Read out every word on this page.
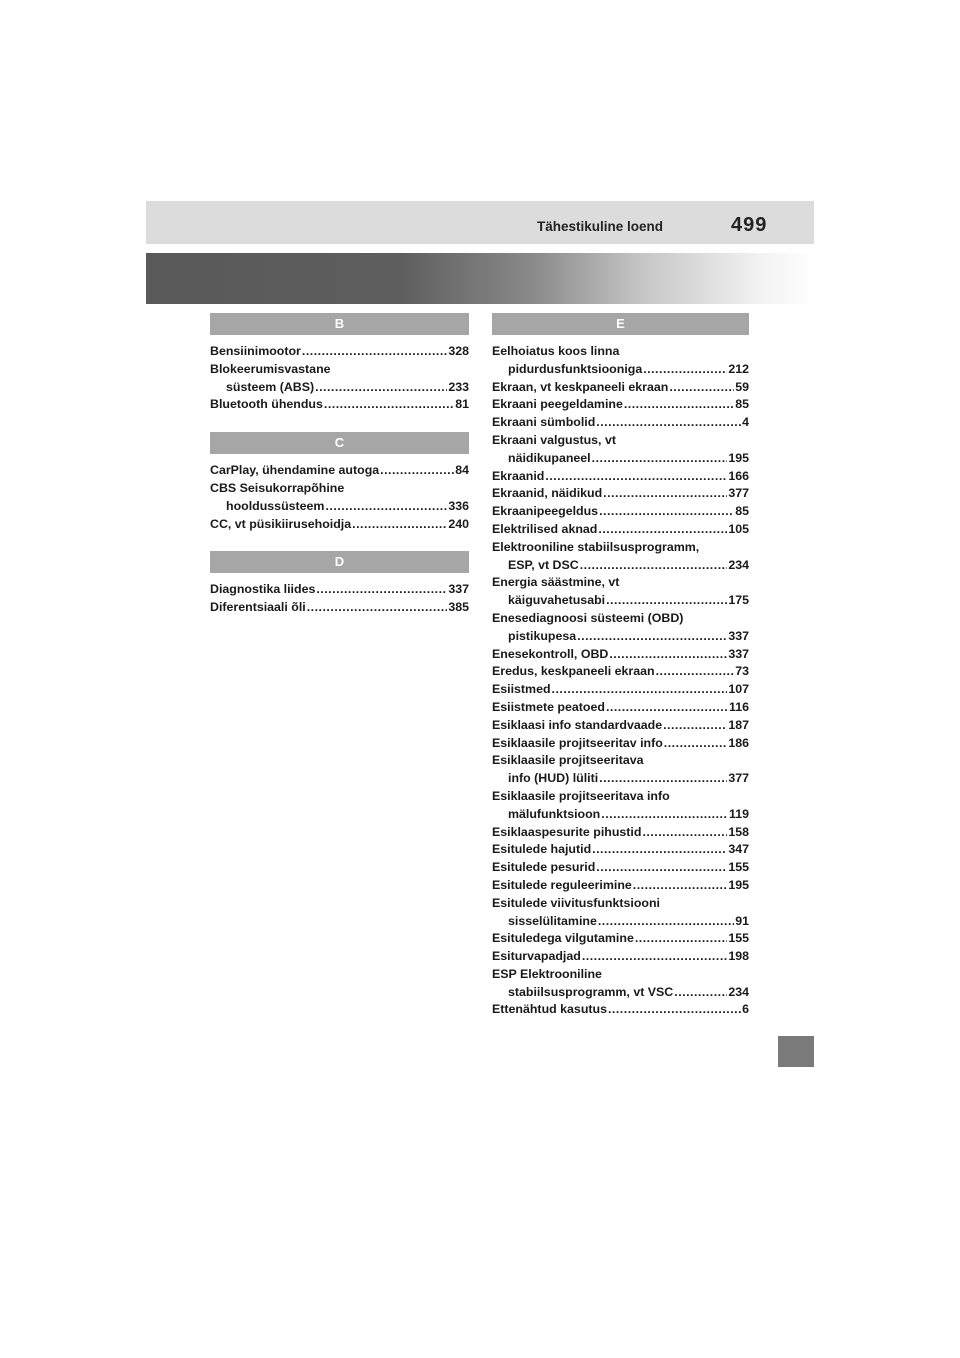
Tähestikuline loend	499
B
Bensiinimootor .....	328
Blokeerumisvastane
süsteem (ABS) .....	233
Bluetooth ühendus .....	81
C
CarPlay, ühendamine autoga .....	84
CBS Seisukorrapõhine
hooldussüsteem .....	336
CC, vt püsikiirusehoidja .....	240
D
Diagnostika liides .....	337
Diferentsiaali õli .....	385
E
Eelhoiatus koos linna
pidurdusfunktsiooniga .....	212
Ekraan, vt keskpaneeli ekraan .....	59
Ekraani peegeldamine .....	85
Ekraani sümbolid .....	4
Ekraani valgustus, vt
näidikupaneel .....	195
Ekraanid .....	166
Ekraanid, näidikud .....	377
Ekraanipeegeldus .....	85
Elektrilised aknad .....	105
Elektrooniline stabiilsusprogramm,
ESP, vt DSC .....	234
Energia säästmine, vt
käiguvahetusabi .....	175
Enesediagnoosi süsteemi (OBD)
pistikupesa .....	337
Enesekontroll, OBD .....	337
Eredus, keskpaneeli ekraan .....	73
Esiistmed .....	107
Esiistmete peatoed .....	116
Esiklaasi info standardvaade .....	187
Esiklaasile projitseeritav info .....	186
Esiklaasile projitseeritava
info (HUD) lüliti .....	377
Esiklaasile projitseeritava info
mälufunktsioon .....	119
Esiklaaspesurite pihustid .....	158
Esitulede hajutid .....	347
Esitulede pesurid .....	155
Esitulede reguleerimine .....	195
Esitulede viivitusfunktsiooni
sisselülitamine .....	91
Esituledega vilgutamine .....	155
Esiturvapadjad .....	198
ESP Elektrooniline
stabiilsusprogramm, vt VSC .....	234
Ettenähtud kasutus .....	6
